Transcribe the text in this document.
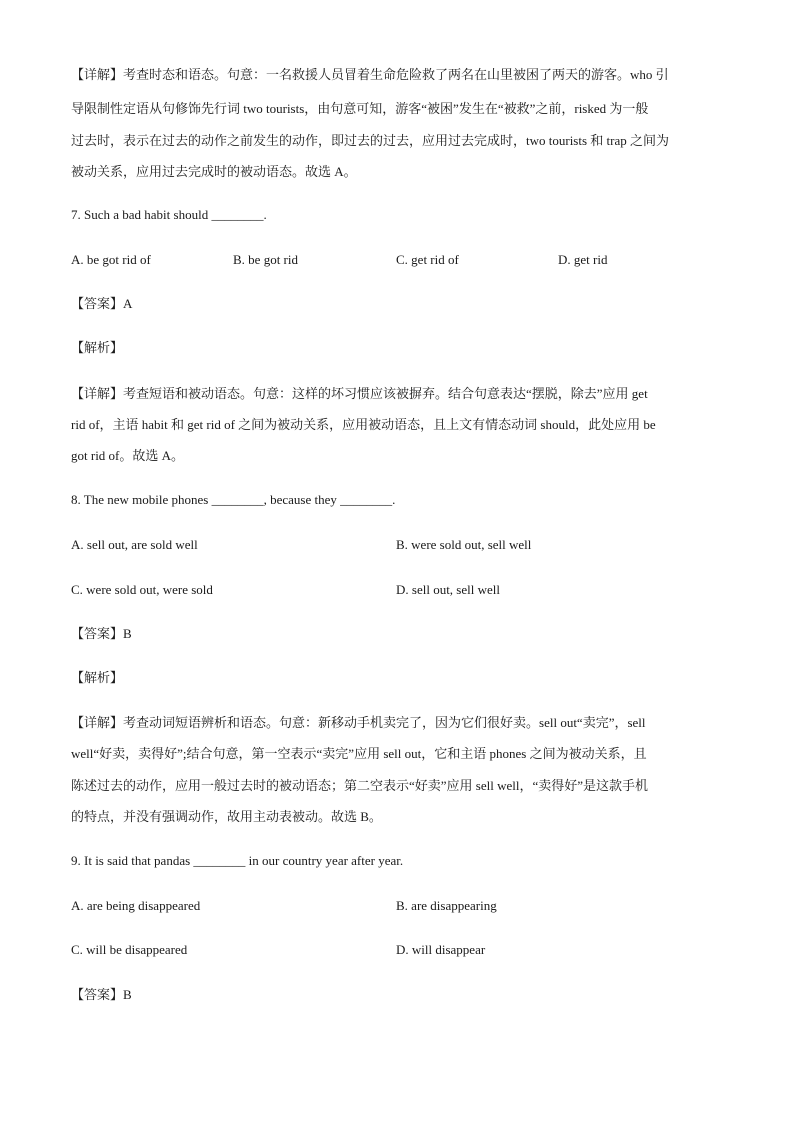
【详解】考查时态和语态。句意：一名救援人员冒着生命危险救了两名在山里被困了两天的游客。who 引
导限制性定语从句修饰先行词 two tourists，由句意可知，游客“被困”发生在“被救”之前，risked 为一般
过去时，表示在过去的动作之前发生的动作，即过去的过去，应用过去完成时，two tourists 和 trap 之间为
被动关系，应用过去完成时的被动语态。故选 A。
7. Such a bad habit should ________.
A. be got rid of	B. be got rid	C. get rid of	D. get rid
【答案】A
【解析】
【详解】考查短语和被动语态。句意：这样的坏习惯应该被摒弃。结合句意表达“摆脱，除去”应用 get
rid of，主语 habit 和 get rid of 之间为被动关系，应用被动语态，且上文有情态动词 should，此处应用 be
got rid of。故选 A。
8. The new mobile phones ________, because they ________.
A. sell out, are sold well	B. were sold out, sell well
C. were sold out, were sold	D. sell out, sell well
【答案】B
【解析】
【详解】考查动词短语辨析和语态。句意：新移动手机卖完了，因为它们很好卖。sell out“卖完”，sell
well“好卖，卖得好”;结合句意，第一空表示“卖完”应用 sell out，它和主语 phones 之间为被动关系，且
陈述过去的动作，应用一般过去时的被动语态；第二空表示“好卖”应用 sell well，“卖得好”是这款手机
的特点，并没有强调动作，故用主动表被动。故选 B。
9. It is said that pandas ________ in our country year after year.
A. are being disappeared	B. are disappearing
C. will be disappeared	D. will disappear
【答案】B
